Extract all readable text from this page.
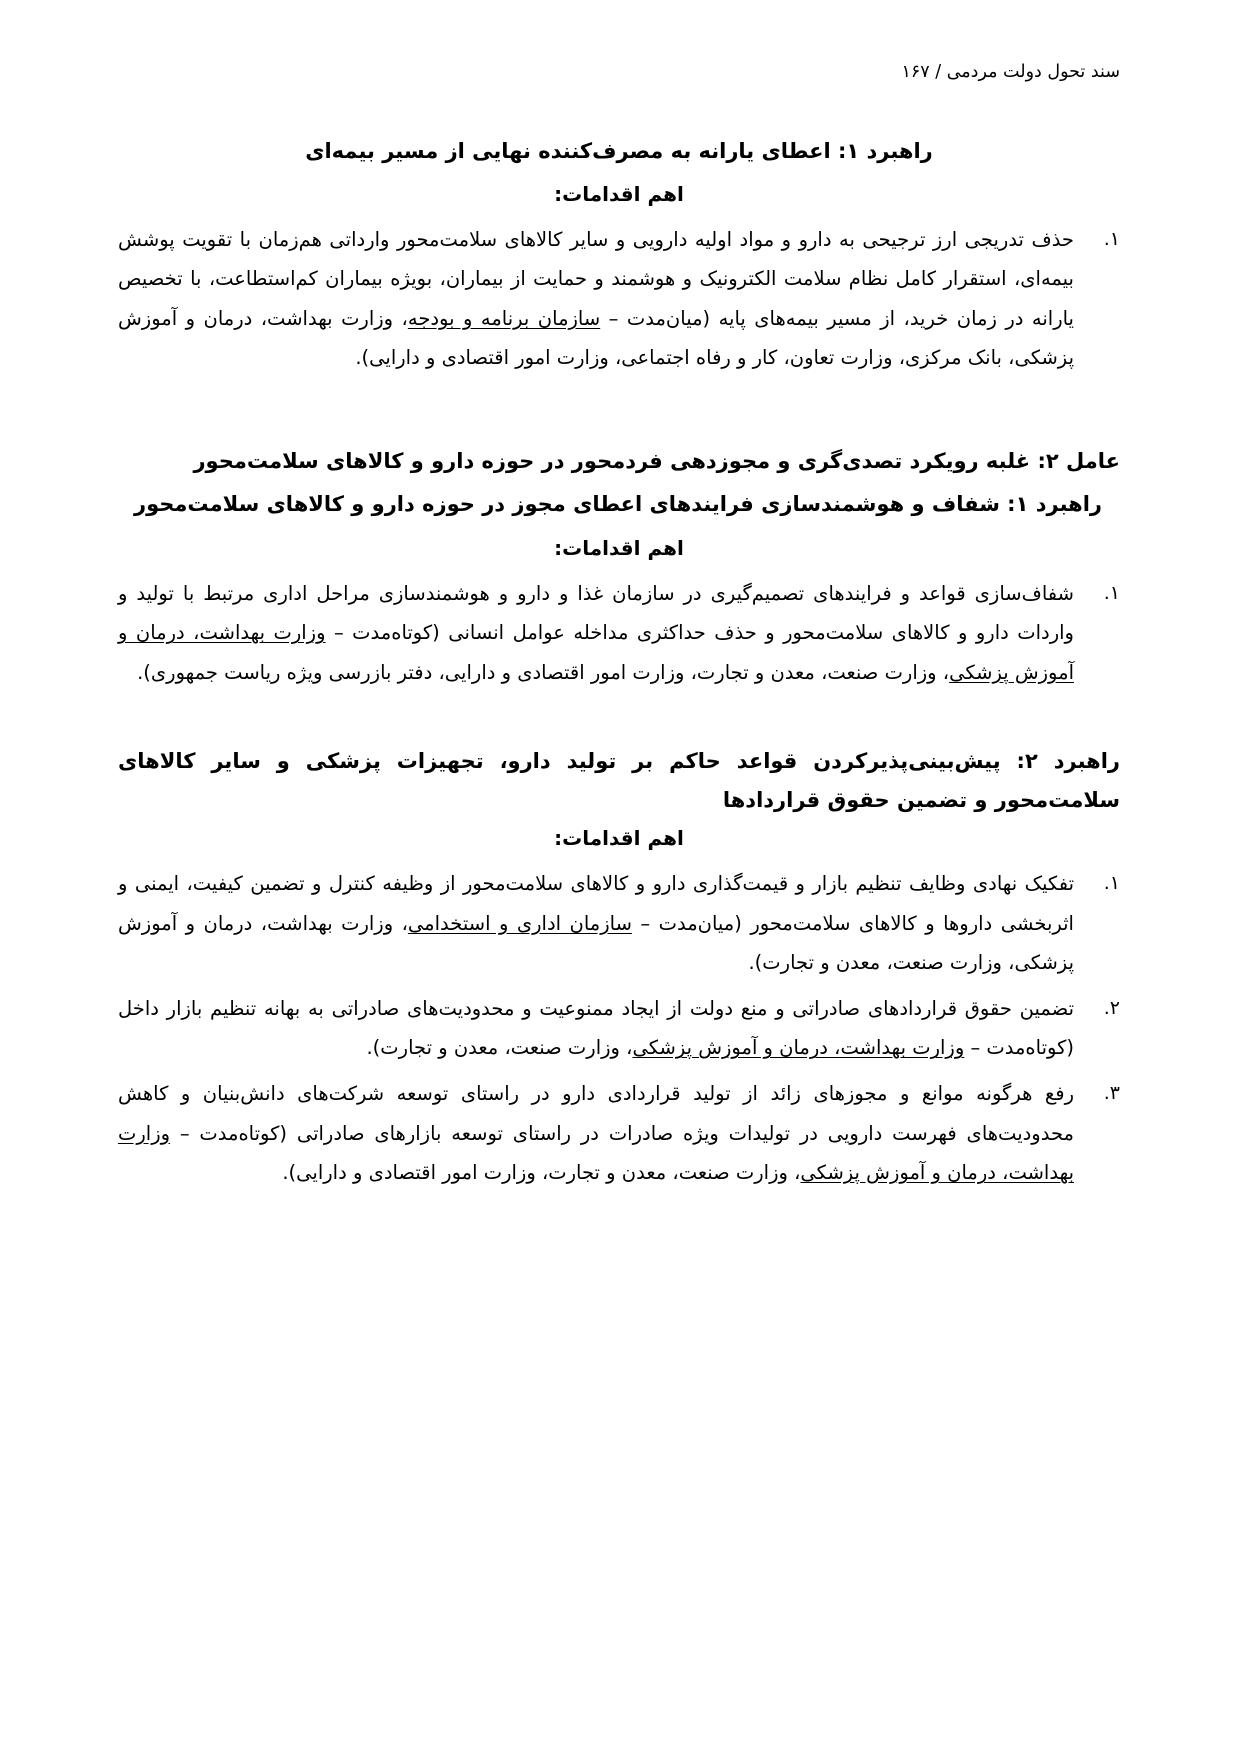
سند تحول دولت مردمی / ۱۶۷
راهبرد ۱: اعطای یارانه به مصرف‌کننده نهایی از مسیر بیمه‌ای
اهم اقدامات:
۱.
حذف تدریجی ارز ترجیحی به دارو و مواد اولیه دارویی و سایر کالاهای سلامت‌محور وارداتی هم‌زمان با تقویت پوشش بیمه‌ای، استقرار کامل نظام سلامت الکترونیک و هوشمند و حمایت از بیماران، بویژه بیماران کم‌استطاعت، با تخصیص یارانه در زمان خرید، از مسیر بیمه‌های پایه (میان‌مدت – سازمان برنامه و بودجه، وزارت بهداشت، درمان و آموزش پزشکی، بانک مرکزی، وزارت تعاون، کار و رفاه اجتماعی، وزارت امور اقتصادی و دارایی).
عامل ۲: غلبه رویکرد تصدی‌گری و مجوزدهی فردمحور در حوزه دارو و کالاهای سلامت‌محور
راهبرد ۱: شفاف و هوشمندسازی فرایندهای اعطای مجوز در حوزه دارو و کالاهای سلامت‌محور
اهم اقدامات:
۱.
شفاف‌سازی قواعد و فرایندهای تصمیم‌گیری در سازمان غذا و دارو و هوشمندسازی مراحل اداری مرتبط با تولید و واردات دارو و کالاهای سلامت‌محور و حذف حداکثری مداخله عوامل انسانی (کوتاه‌مدت – وزارت بهداشت، درمان و آموزش پزشکی، وزارت صنعت، معدن و تجارت، وزارت امور اقتصادی و دارایی، دفتر بازرسی ویژه ریاست جمهوری).
راهبرد ۲: پیش‌بینی‌پذیرکردن قواعد حاکم بر تولید دارو، تجهیزات پزشکی و سایر کالاهای سلامت‌محور و تضمین حقوق قراردادها
اهم اقدامات:
۱.
تفکیک نهادی وظایف تنظیم بازار و قیمت‌گذاری دارو و کالاهای سلامت‌محور از وظیفه کنترل و تضمین کیفیت، ایمنی و اثربخشی داروها و کالاهای سلامت‌محور (میان‌مدت – سازمان اداری و استخدامی، وزارت بهداشت، درمان و آموزش پزشکی، وزارت صنعت، معدن و تجارت).
۲.
تضمین حقوق قراردادهای صادراتی و منع دولت از ایجاد ممنوعیت و محدودیت‌های صادراتی به بهانه تنظیم بازار داخل (کوتاه‌مدت – وزارت بهداشت، درمان و آموزش پزشکی، وزارت صنعت، معدن و تجارت).
۳.
رفع هرگونه موانع و مجوزهای زائد از تولید قراردادی دارو در راستای توسعه شرکت‌های دانش‌بنیان و کاهش محدودیت‌های فهرست دارویی در تولیدات ویژه صادرات در راستای توسعه بازارهای صادراتی (کوتاه‌مدت – وزارت بهداشت، درمان و آموزش پزشکی، وزارت صنعت، معدن و تجارت، وزارت امور اقتصادی و دارایی).
